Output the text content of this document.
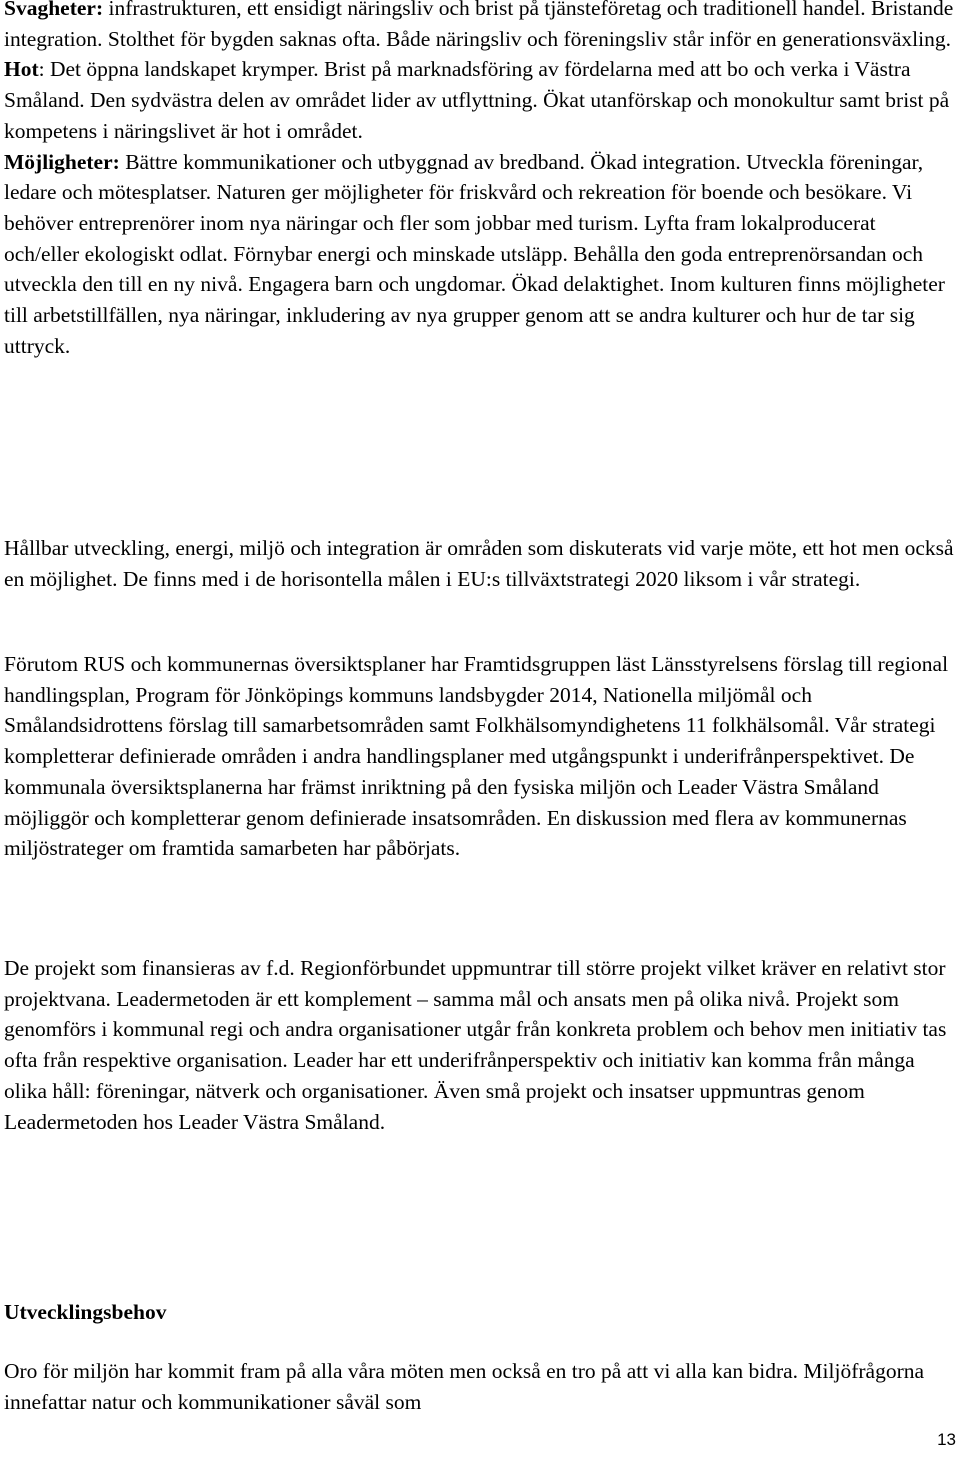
Svagheter: infrastrukturen, ett ensidigt näringsliv och brist på tjänsteföretag och traditionell handel. Bristande integration. Stolthet för bygden saknas ofta. Både näringsliv och föreningsliv står inför en generationsväxling.
Hot: Det öppna landskapet krymper. Brist på marknadsföring av fördelarna med att bo och verka i Västra Småland. Den sydvästra delen av området lider av utflyttning. Ökat utanförskap och monokultur samt brist på kompetens i näringslivet är hot i området.
Möjligheter: Bättre kommunikationer och utbyggnad av bredband. Ökad integration. Utveckla föreningar, ledare och mötesplatser. Naturen ger möjligheter för friskvård och rekreation för boende och besökare. Vi behöver entreprenörer inom nya näringar och fler som jobbar med turism. Lyfta fram lokalproducerat och/eller ekologiskt odlat. Förnybar energi och minskade utsläpp. Behålla den goda entreprenörsandan och utveckla den till en ny nivå. Engagera barn och ungdomar. Ökad delaktighet. Inom kulturen finns möjligheter till arbetstillfällen, nya näringar, inkludering av nya grupper genom att se andra kulturer och hur de tar sig uttryck.

Hållbar utveckling, energi, miljö och integration är områden som diskuterats vid varje möte, ett hot men också en möjlighet. De finns med i de horisontella målen i EU:s tillväxtstrategi 2020 liksom i vår strategi.

Förutom RUS och kommunernas översiktsplaner har Framtidsgruppen läst Länsstyrelsens förslag till regional handlingsplan, Program för Jönköpings kommuns landsbygder 2014, Nationella miljömål och Smålandsidrottens förslag till samarbetsområden samt Folkhälsomyndighetens 11 folkhälsomål. Vår strategi kompletterar definierade områden i andra handlingsplaner med utgångspunkt i underifrånperspektivet. De kommunala översiktsplanerna har främst inriktning på den fysiska miljön och Leader Västra Småland möjliggör och kompletterar genom definierade insatsområden. En diskussion med flera av kommunernas miljöstrateger om framtida samarbeten har påbörjats.

De projekt som finansieras av f.d. Regionförbundet uppmuntrar till större projekt vilket kräver en relativt stor projektvana. Leadermetoden är ett komplement – samma mål och ansats men på olika nivå. Projekt som genomförs i kommunal regi och andra organisationer utgår från konkreta problem och behov men initiativ tas ofta från respektive organisation. Leader har ett underifrånperspektiv och initiativ kan komma från många olika håll: föreningar, nätverk och organisationer. Även små projekt och insatser uppmuntras genom Leadermetoden hos Leader Västra Småland.

Utvecklingsbehov

Oro för miljön har kommit fram på alla våra möten men också en tro på att vi alla kan bidra. Miljöfrågorna innefattar natur och kommunikationer såväl som

13
